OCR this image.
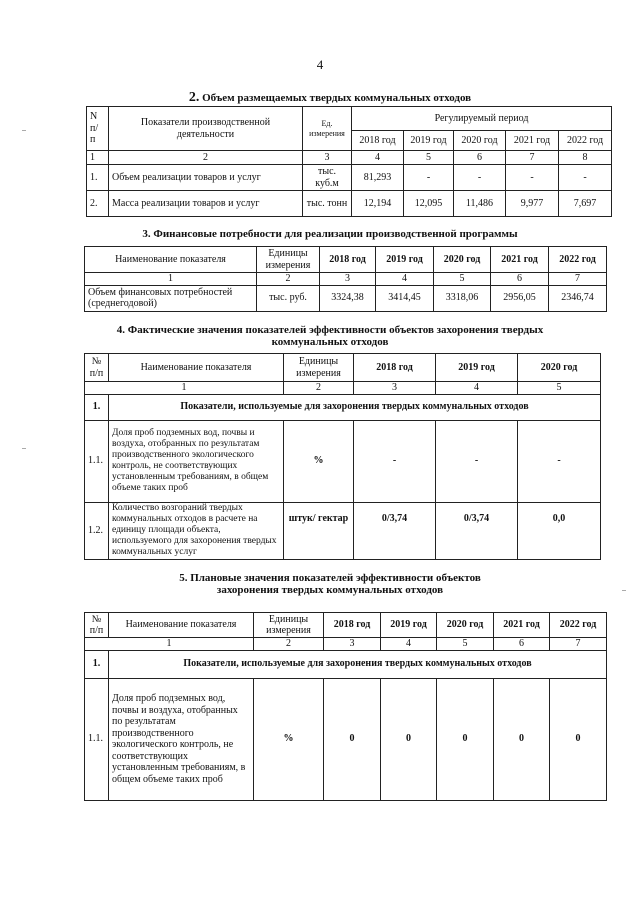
4
2. Объем размещаемых твердых коммунальных отходов
N п/ п	Показатели производственной деятельности	Ед. измерения	Регулируемый период				
			2018 год	2019 год	2020 год	2021 год	2022 год
1	2	3	4	5	6	7	8
1.	Объем реализации товаров и услуг	тыс. куб.м	81,293	-	-	-	-
2.	Масса реализации товаров и услуг	тыс. тонн	12,194	12,095	11,486	9,977	7,697
3. Финансовые потребности для реализации производственной программы
Наименование показателя	Единицы измерения	2018 год	2019 год	2020 год	2021 год	2022 год
1	2	3	4	5	6	7
Объем финансовых потребностей (среднегодовой)	тыс. руб.	3324,38	3414,45	3318,06	2956,05	2346,74
4. Фактические значения показателей эффективности объектов захоронения твердых
коммунальных отходов
№ п/п	Наименование показателя	Единицы измерения	2018 год	2019 год	2020 год
1		2	3	4	5
1.	Показатели, используемые для захоронения твердых коммунальных отходов				
1.1.	Доля проб подземных вод, почвы и воздуха, отобранных по результатам производственного экологического контроль, не соответствующих установленным требованиям, в общем объеме таких проб	%	-	-	-
1.2.	Количество возгораний твердых коммунальных отходов в расчете на единицу площади объекта, используемого для захоронения твердых коммунальных услуг	штук/ гектар	0/3,74	0/3,74	0,0
5. Плановые значения показателей эффективности объектов
захоронения твердых коммунальных отходов
№ п/п	Наименование показателя	Единицы измерения	2018 год	2019 год	2020 год	2021 год	2022 год
1		2	3	4	5	6	7
1.	Показатели, используемые для захоронения твердых коммунальных отходов						
1.1.	Доля проб подземных вод, почвы и воздуха, отобранных по результатам производственного экологического контроль, не соответствующих установленным требованиям, в общем объеме таких проб	%	0	0	0	0	0
